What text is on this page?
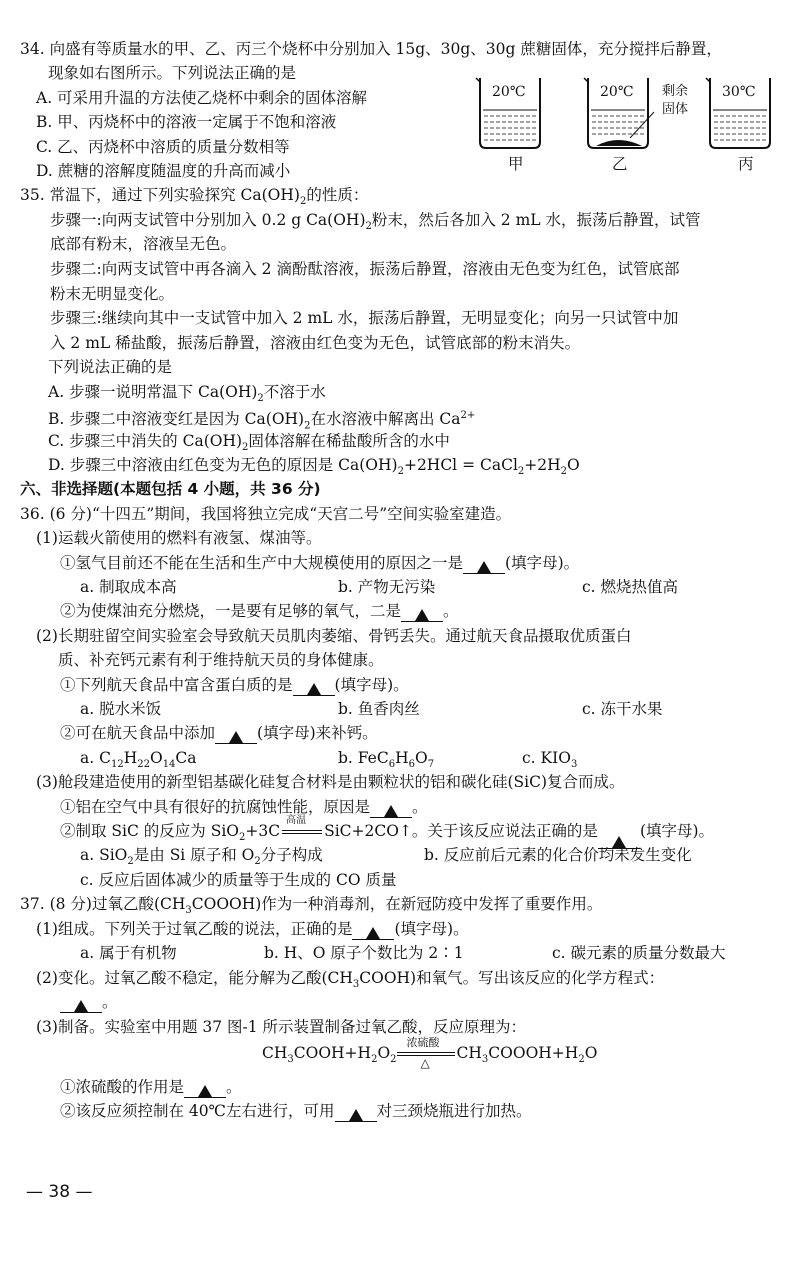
34. 向盛有等质量水的甲、乙、丙三个烧杯中分别加入 15g、30g、30g 蔗糖固体，充分搅拌后静置，
现象如右图所示。下列说法正确的是
A. 可采用升温的方法使乙烧杯中剩余的固体溶解
B. 甲、丙烧杯中的溶液一定属于不饱和溶液
C. 乙、丙烧杯中溶质的质量分数相等
D. 蔗糖的溶解度随温度的升高而减小
20℃	20℃	30℃
剩余
固体
甲	乙	丙
35. 常温下，通过下列实验探究 $Ca(OH)_2$的性质：
步骤一:向两支试管中分别加入 0.2 g $Ca(OH)_2$粉末，然后各加入 2 mL 水，振荡后静置，试管
底部有粉末，溶液呈无色。
步骤二:向两支试管中再各滴入 2 滴酚酞溶液，振荡后静置，溶液由无色变为红色，试管底部
粉末无明显变化。
步骤三:继续向其中一支试管中加入 2 mL 水，振荡后静置，无明显变化；向另一只试管中加
入 2 mL 稀盐酸，振荡后静置，溶液由红色变为无色，试管底部的粉末消失。
下列说法正确的是
A. 步骤一说明常温下 $Ca(OH)_2$不溶于水
B. 步骤二中溶液变红是因为 $Ca(OH)_2$在水溶液中解离出 $Ca^{2+}$
C. 步骤三中消失的 $Ca(OH)_2$固体溶解在稀盐酸所含的水中
D. 步骤三中溶液由红色变为无色的原因是 $Ca(OH)_2+2HCl$ = $CaCl_2+2H_2O$
六、非选择题(本题包括 4 小题，共 36 分)
36. (6 分)“十四五”期间，我国将独立完成“天宫二号”空间实验室建造。
(1)运载火箭使用的燃料有液氢、煤油等。
①氢气目前还不能在生活和生产中大规模使用的原因之一是	(填字母)。
a. 制取成本高	b. 产物无污染	c. 燃烧热值高
②为使煤油充分燃烧，一是要有足够的氧气，二是	。
(2)长期驻留空间实验室会导致航天员肌肉萎缩、骨钙丢失。通过航天食品摄取优质蛋白
质、补充钙元素有利于维持航天员的身体健康。
①下列航天食品中富含蛋白质的是	(填字母)。
a. 脱水米饭	b. 鱼香肉丝	c. 冻干水果
②可在航天食品中添加	(填字母)来补钙。
a. $C_{12}H_{22}O_{14}Ca$	b. $FeC_6H_6O_7$	c. $KIO_3$
(3)舱段建造使用的新型铝基碳化硅复合材料是由颗粒状的铝和碳化硅(SiC)复合而成。
①铝在空气中具有很好的抗腐蚀性能，原因是	。
②制取 SiC 的反应为 SiO$_2$+3C
高温
SiC+2CO↑。关于该反应说法正确的是	(填字母)。
a. SiO$_2$是由 Si 原子和 $O_2$分子构成	b. 反应前后元素的化合价均未发生变化
c. 反应后固体减少的质量等于生成的 CO 质量
37. (8 分)过氧乙酸$(CH_3COOOH)$作为一种消毒剂，在新冠防疫中发挥了重要作用。
(1)组成。下列关于过氧乙酸的说法，正确的是	(填字母)。
a. 属于有机物	b. H、O 原子个数比为 2∶1	c. 碳元素的质量分数最大
(2)变化。过氧乙酸不稳定，能分解为乙酸$(CH_3COOH)$和氧气。写出该反应的化学方程式：
。
(3)制备。实验室中用题 37 图-1 所示装置制备过氧乙酸，反应原理为：
$CH_3COOH+H_2O_2$
浓硫酸
△
$CH_3COOOH+H_2O$
①浓硫酸的作用是	。
②该反应须控制在 40℃左右进行，可用	对三颈烧瓶进行加热。
— 38 —
